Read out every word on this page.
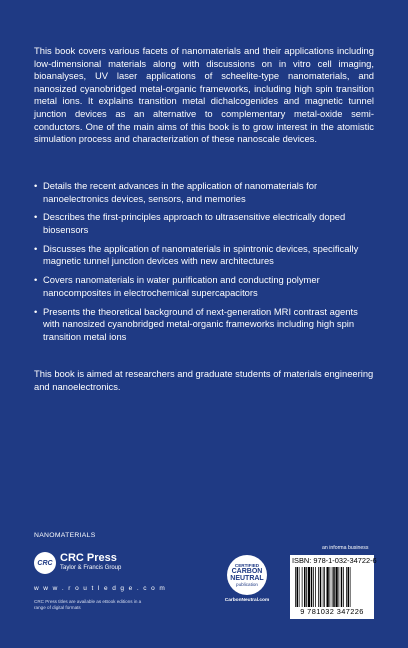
This book covers various facets of nanomaterials and their applications including low-dimensional materials along with discussions on in vitro cell imaging, bioanalyses, UV laser applications of scheelite-type nanomaterials, and nanosized cyanobridged metal-organic frameworks, including high spin transition metal ions. It explains transition metal dichalcogenides and magnetic tunnel junction devices as an alternative to complementary metal-oxide semi-conductors. One of the main aims of this book is to grow interest in the atomistic simulation process and characterization of these nanoscale devices.

• Details the recent advances in the application of nanomaterials for nanoelectronics devices, sensors, and memories
• Describes the first-principles approach to ultrasensitive electrically doped biosensors
• Discusses the application of nanomaterials in spintronic devices, specifically magnetic tunnel junction devices with new architectures
• Covers nanomaterials in water purification and conducting polymer nanocomposites in electrochemical supercapacitors
• Presents the theoretical background of next-generation MRI contrast agents with nanosized cyanobridged metal-organic frameworks including high spin transition metal ions

This book is aimed at researchers and graduate students of materials engineering and nanoelectronics.

NANOMATERIALS
CRC CRC Press
Taylor & Francis Group
w w w . r o u t l e d g e . c o m
CRC Press titles are available as eBook editions in a range of digital formats
CERTIFIED
CARBON
NEUTRAL
publication
CarbonNeutral.com
an informa business
ISBN: 978-1-032-34722-6
9 781032 347226
